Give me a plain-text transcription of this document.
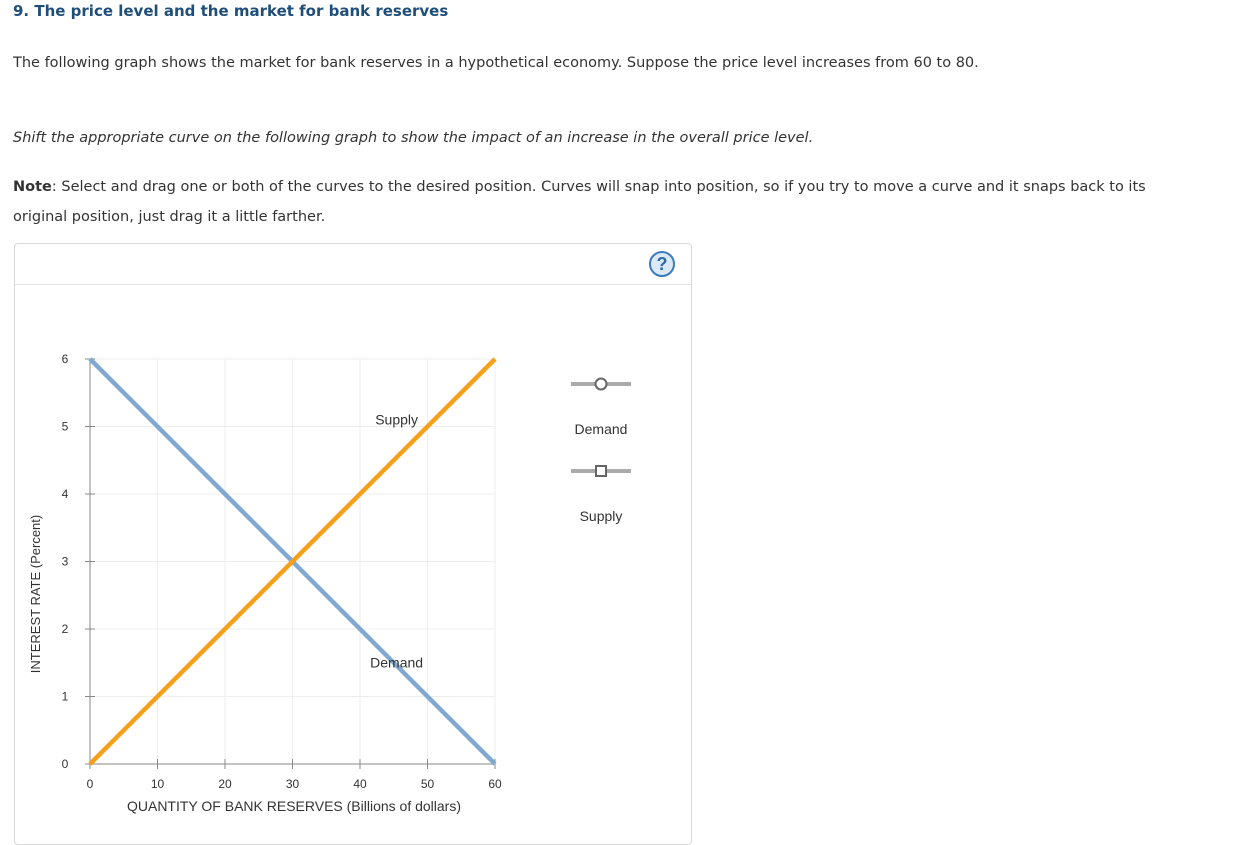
9. The price level and the market for bank reserves
The following graph shows the market for bank reserves in a hypothetical economy. Suppose the price level increases from 60 to 80.
Shift the appropriate curve on the following graph to show the impact of an increase in the overall price level.
Note: Select and drag one or both of the curves to the desired position. Curves will snap into position, so if you try to move a curve and it snaps back to its original position, just drag it a little farther.
?
0	10	20	30	40	50	60
0
1
2
3
4
5
6
Supply
Demand
INTEREST RATE (Percent)
QUANTITY OF BANK RESERVES (Billions of dollars)
Demand
Supply
